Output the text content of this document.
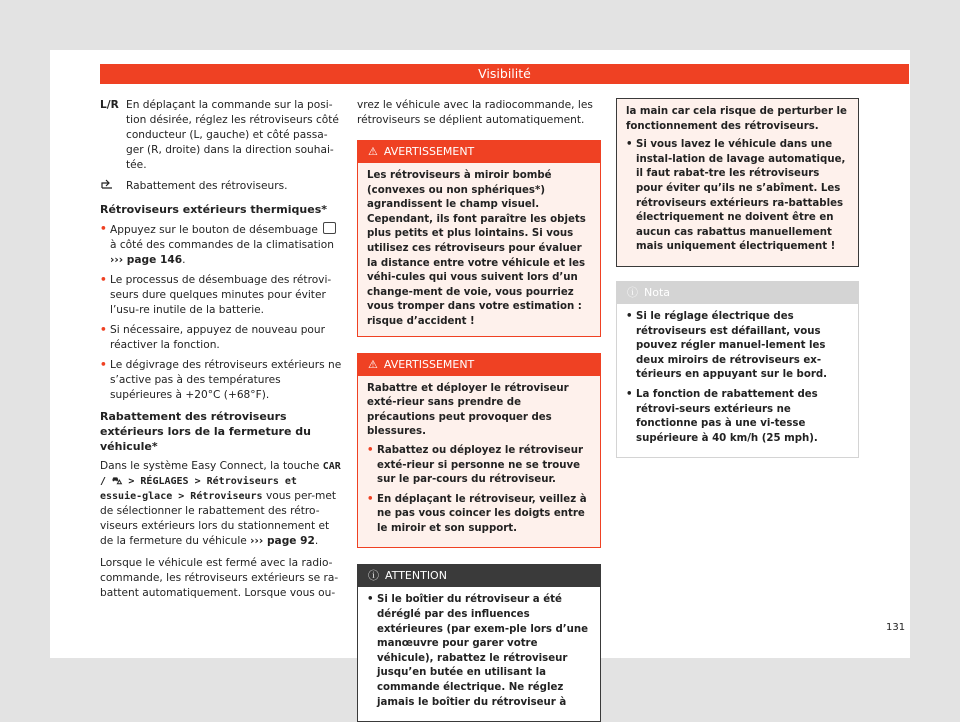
Visibilité
L/R En déplaçant la commande sur la posi-tion désirée, réglez les rétroviseurs côté conducteur (L, gauche) et côté passa-ger (R, droite) dans la direction souhai-tée.
Rabattement des rétroviseurs.
Rétroviseurs extérieurs thermiques*
• Appuyez sur le bouton de désembuage  à côté des commandes de la climatisation ››› page 146.
• Le processus de désembuage des rétrovi-seurs dure quelques minutes pour éviter l’usu-re inutile de la batterie.
• Si nécessaire, appuyez de nouveau pour réactiver la fonction.
• Le dégivrage des rétroviseurs extérieurs ne s’active pas à des températures supérieures à +20°C (+68°F).
Rabattement des rétroviseurs extérieurs lors de la fermeture du véhicule*

Dans le système Easy Connect, la touche CAR / ⛍ > RÉGLAGES > Rétroviseurs et essuie-glace > Rétroviseurs vous per-met de sélectionner le rabattement des rétro-viseurs extérieurs lors du stationnement et de la fermeture du véhicule ››› page 92.

Lorsque le véhicule est fermé avec la radio-commande, les rétroviseurs extérieurs se ra-battent automatiquement. Lorsque vous ou-

vrez le véhicule avec la radiocommande, les rétroviseurs se déplient automatiquement.

⚠ AVERTISSEMENT
Les rétroviseurs à miroir bombé (convexes ou non sphériques*) agrandissent le champ visuel. Cependant, ils font paraître les objets plus petits et plus lointains. Si vous utilisez ces rétroviseurs pour évaluer la distance entre votre véhicule et les véhi-cules qui vous suivent lors d’un change-ment de voie, vous pourriez vous tromper dans votre estimation : risque d’accident !
⚠ AVERTISSEMENT
Rabattre et déployer le rétroviseur exté-rieur sans prendre de précautions peut provoquer des blessures.
• Rabattez ou déployez le rétroviseur exté-rieur si personne ne se trouve sur le par-cours du rétroviseur.
• En déplaçant le rétroviseur, veillez à ne pas vous coincer les doigts entre le miroir et son support.
ⓘ ATTENTION
• Si le boîtier du rétroviseur a été déréglé par des influences extérieures (par exem-ple lors d’une manœuvre pour garer votre véhicule), rabattez le rétroviseur jusqu’en butée en utilisant la commande électrique. Ne réglez jamais le boîtier du rétroviseur à
la main car cela risque de perturber le fonctionnement des rétroviseurs.
• Si vous lavez le véhicule dans une instal-lation de lavage automatique, il faut rabat-tre les rétroviseurs pour éviter qu’ils ne s’abîment. Les rétroviseurs extérieurs ra-battables électriquement ne doivent être en aucun cas rabattus manuellement mais uniquement électriquement !
ⓘ Nota
• Si le réglage électrique des rétroviseurs est défaillant, vous pouvez régler manuel-lement les deux miroirs de rétroviseurs ex-térieurs en appuyant sur le bord.
• La fonction de rabattement des rétrovi-seurs extérieurs ne fonctionne pas à une vi-tesse supérieure à 40 km/h (25 mph).
131
